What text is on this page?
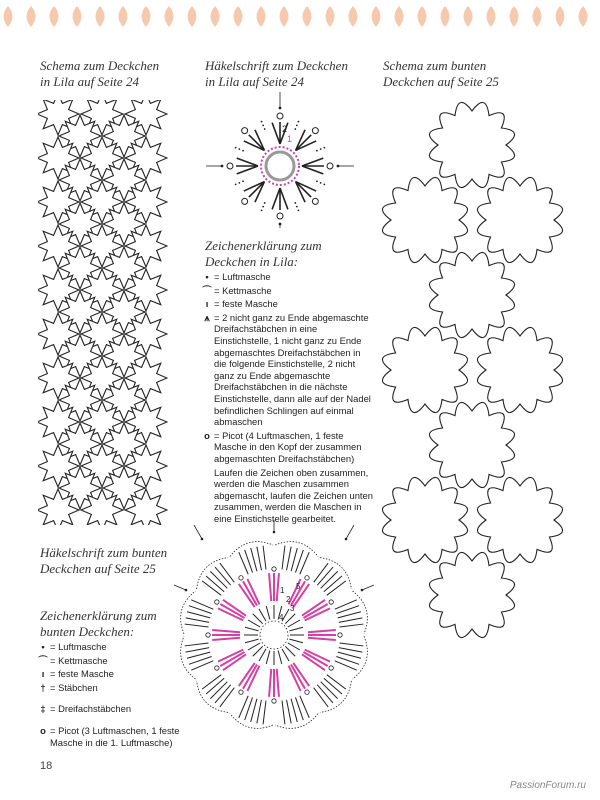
Schema zum Deckchen
in Lila auf Seite 24
Häkelschrift zum Deckchen
in Lila auf Seite 24
Schema zum bunten
Deckchen auf Seite 25
Häkelschrift zum bunten
Deckchen auf Seite 25
2
1
Zeichenerklärung zum
Deckchen in Lila:
• = Luftmasche
⌒ = Kettmasche
ı = feste Masche
⩚ = 2 nicht ganz zu Ende abgemaschte Dreifachstäbchen in eine Einstichstelle, 1 nicht ganz zu Ende abgemaschtes Dreifachstäbchen in die folgende Einstichstelle, 2 nicht ganz zu Ende abgemaschte Dreifachstäbchen in die nächste Einstichstelle, dann alle auf der Nadel befindlichen Schlingen auf einmal abmaschen
o = Picot (4 Luftmaschen, 1 feste Masche in den Kopf der zusammen abgemaschten Dreifachstäbchen)
Laufen die Zeichen oben zusammen, werden die Maschen zusammen abgemascht, laufen die Zeichen unten zusammen, werden die Maschen in eine Einstichstelle gearbeitet.
1
2
3
4
5
Zeichenerklärung zum
bunten Deckchen:
• = Luftmasche
⌒ = Kettmasche
ı = feste Masche
† = Stäbchen
‡ = Dreifachstäbchen
o = Picot (3 Luftmaschen, 1 feste Masche in die 1. Luftmasche)
18
PassionForum.ru
